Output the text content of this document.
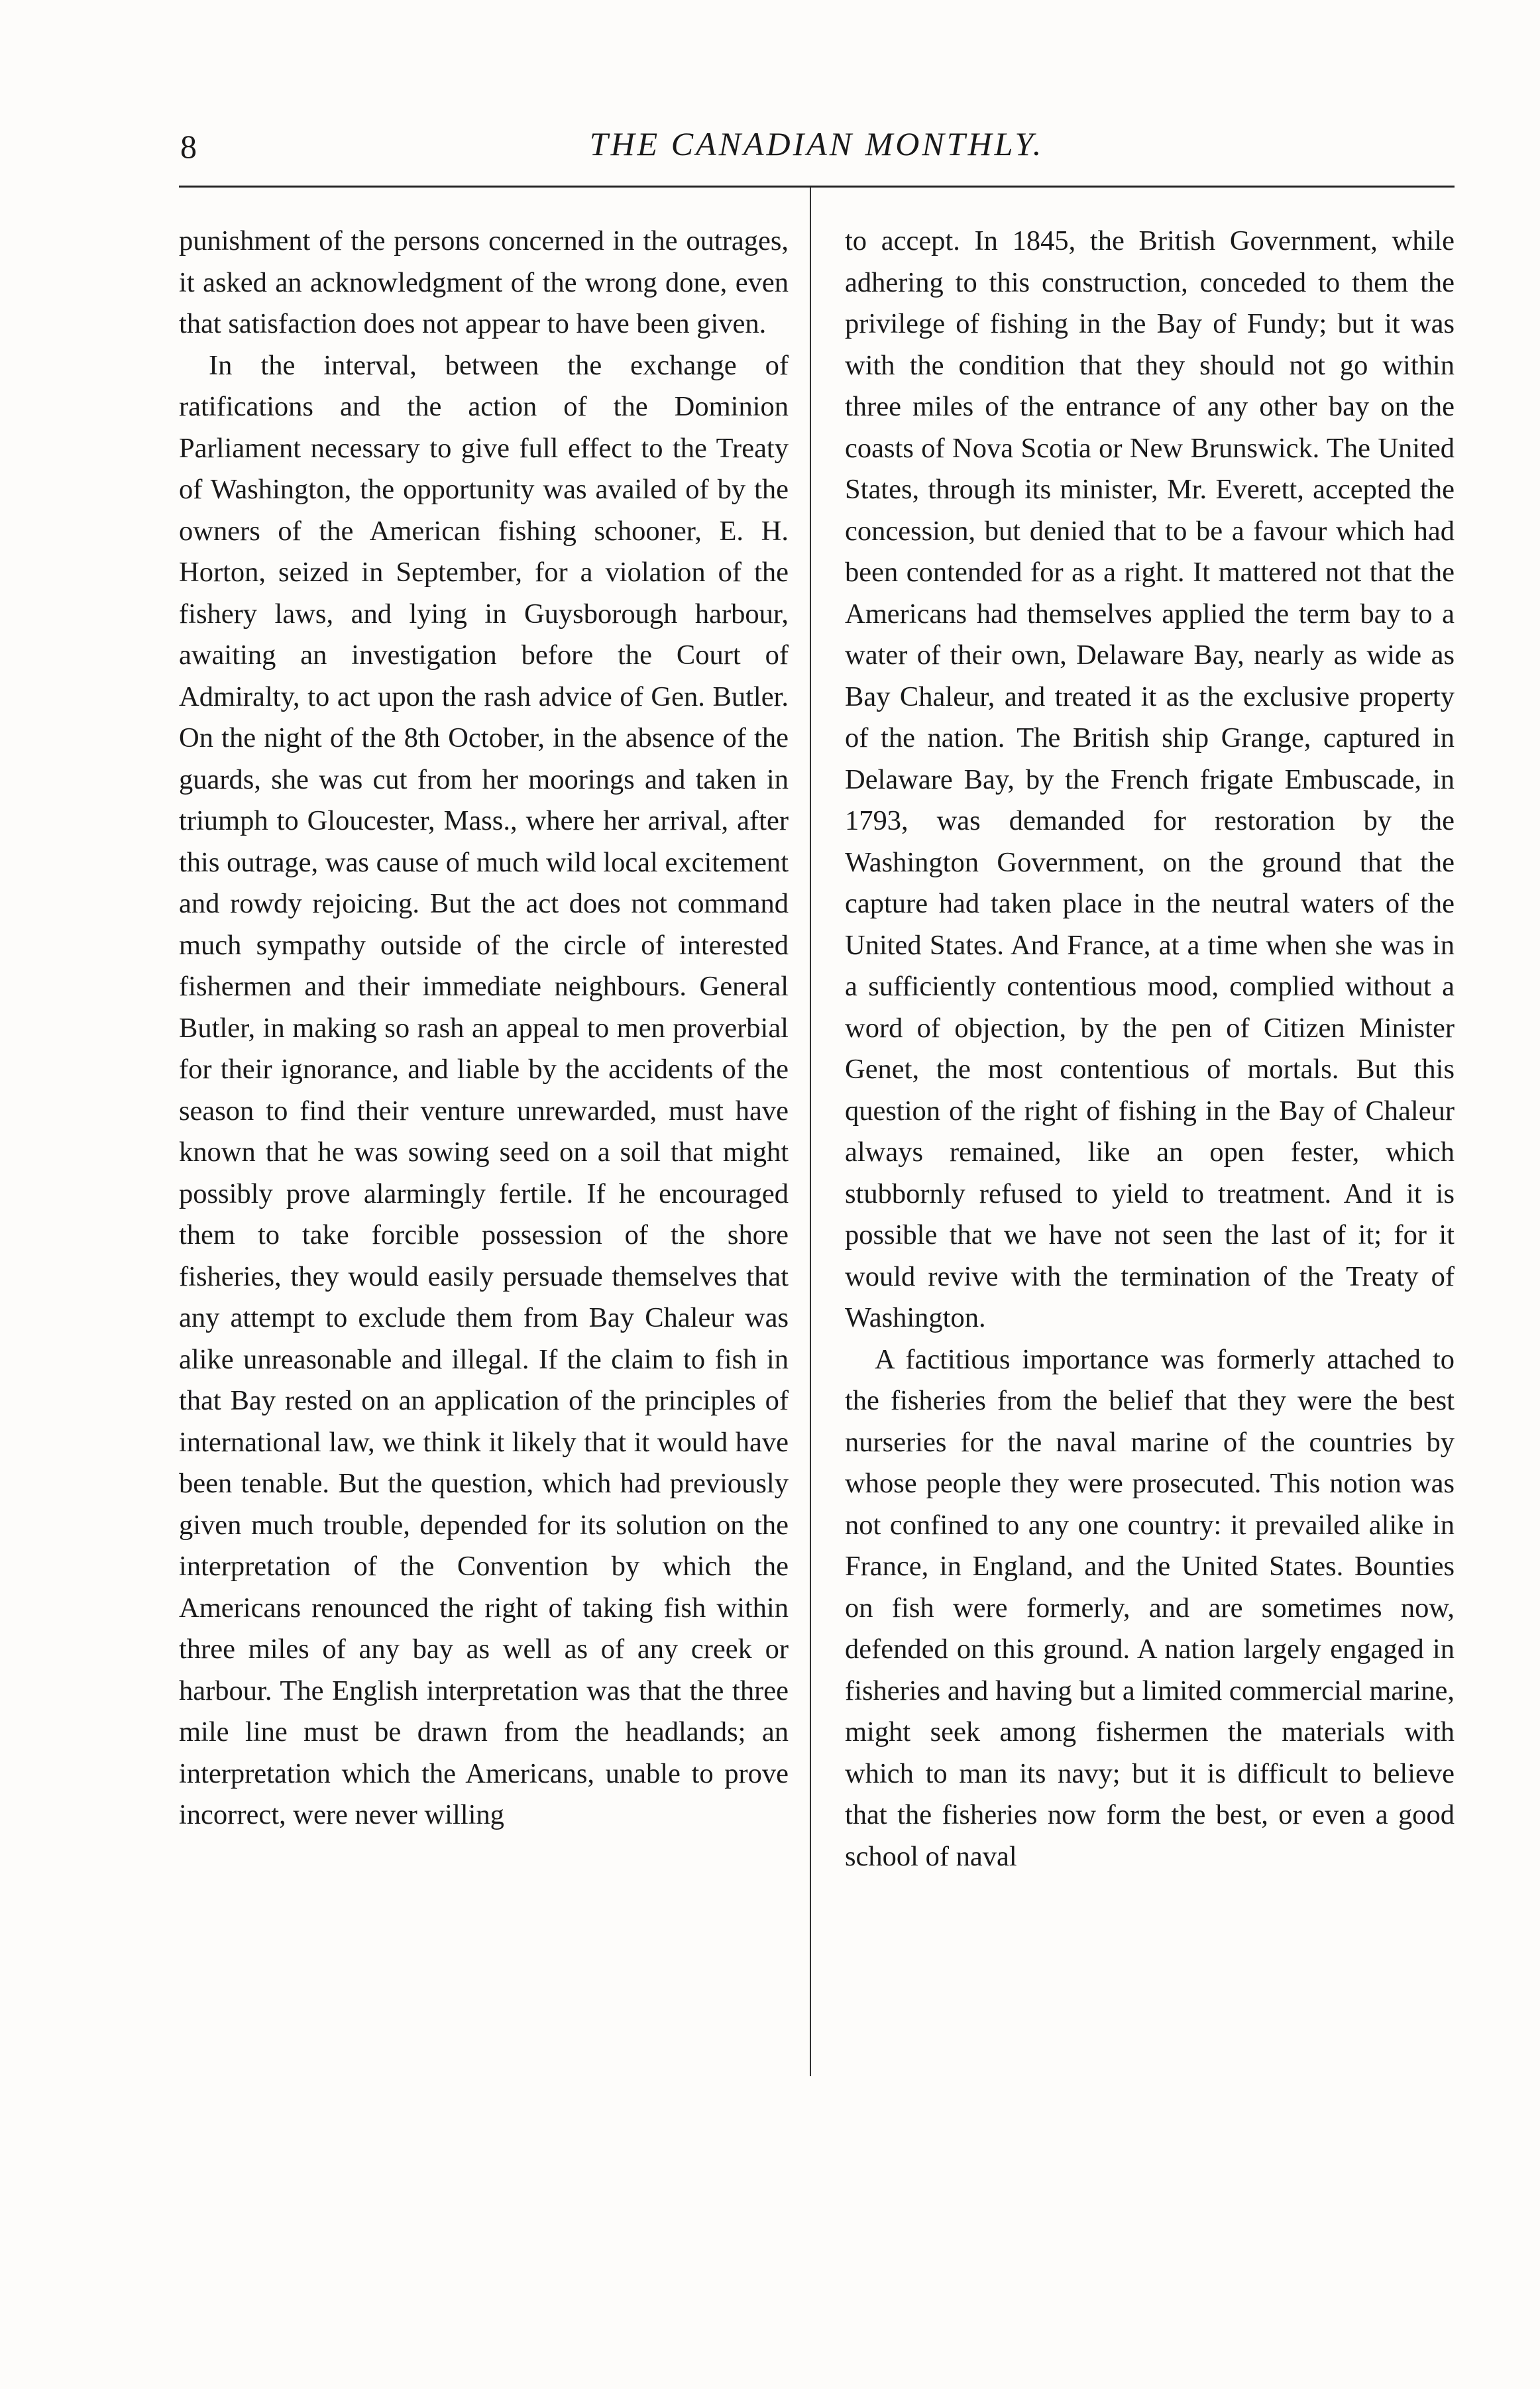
8	THE CANADIAN MONTHLY.

punishment of the persons concerned in the outrages, it asked an acknowledgment of the wrong done, even that satisfaction does not appear to have been given.

In the interval, between the exchange of ratifications and the action of the Dominion Parliament necessary to give full effect to the Treaty of Washington, the opportunity was availed of by the owners of the American fishing schooner, E. H. Horton, seized in September, for a violation of the fishery laws, and lying in Guysborough harbour, awaiting an investigation before the Court of Admiralty, to act upon the rash advice of Gen. Butler. On the night of the 8th October, in the absence of the guards, she was cut from her moorings and taken in triumph to Gloucester, Mass., where her arrival, after this outrage, was cause of much wild local excitement and rowdy rejoicing. But the act does not command much sympathy outside of the circle of interested fishermen and their immediate neighbours. General Butler, in making so rash an appeal to men proverbial for their ignorance, and liable by the accidents of the season to find their venture unrewarded, must have known that he was sowing seed on a soil that might possibly prove alarmingly fertile. If he encouraged them to take forcible possession of the shore fisheries, they would easily persuade themselves that any attempt to exclude them from Bay Chaleur was alike unreasonable and illegal. If the claim to fish in that Bay rested on an application of the principles of international law, we think it likely that it would have been tenable. But the question, which had previously given much trouble, depended for its solution on the interpretation of the Convention by which the Americans renounced the right of taking fish within three miles of any bay as well as of any creek or harbour. The English interpretation was that the three mile line must be drawn from the headlands; an interpretation which the Americans, unable to prove incorrect, were never willing

to accept. In 1845, the British Government, while adhering to this construction, conceded to them the privilege of fishing in the Bay of Fundy; but it was with the condition that they should not go within three miles of the entrance of any other bay on the coasts of Nova Scotia or New Brunswick. The United States, through its minister, Mr. Everett, accepted the concession, but denied that to be a favour which had been contended for as a right. It mattered not that the Americans had themselves applied the term bay to a water of their own, Delaware Bay, nearly as wide as Bay Chaleur, and treated it as the exclusive property of the nation. The British ship Grange, captured in Delaware Bay, by the French frigate Embuscade, in 1793, was demanded for restoration by the Washington Government, on the ground that the capture had taken place in the neutral waters of the United States. And France, at a time when she was in a sufficiently contentious mood, complied without a word of objection, by the pen of Citizen Minister Genet, the most contentious of mortals. But this question of the right of fishing in the Bay of Chaleur always remained, like an open fester, which stubbornly refused to yield to treatment. And it is possible that we have not seen the last of it; for it would revive with the termination of the Treaty of Washington.

A factitious importance was formerly attached to the fisheries from the belief that they were the best nurseries for the naval marine of the countries by whose people they were prosecuted. This notion was not confined to any one country: it prevailed alike in France, in England, and the United States. Bounties on fish were formerly, and are sometimes now, defended on this ground. A nation largely engaged in fisheries and having but a limited commercial marine, might seek among fishermen the materials with which to man its navy; but it is difficult to believe that the fisheries now form the best, or even a good school of naval
